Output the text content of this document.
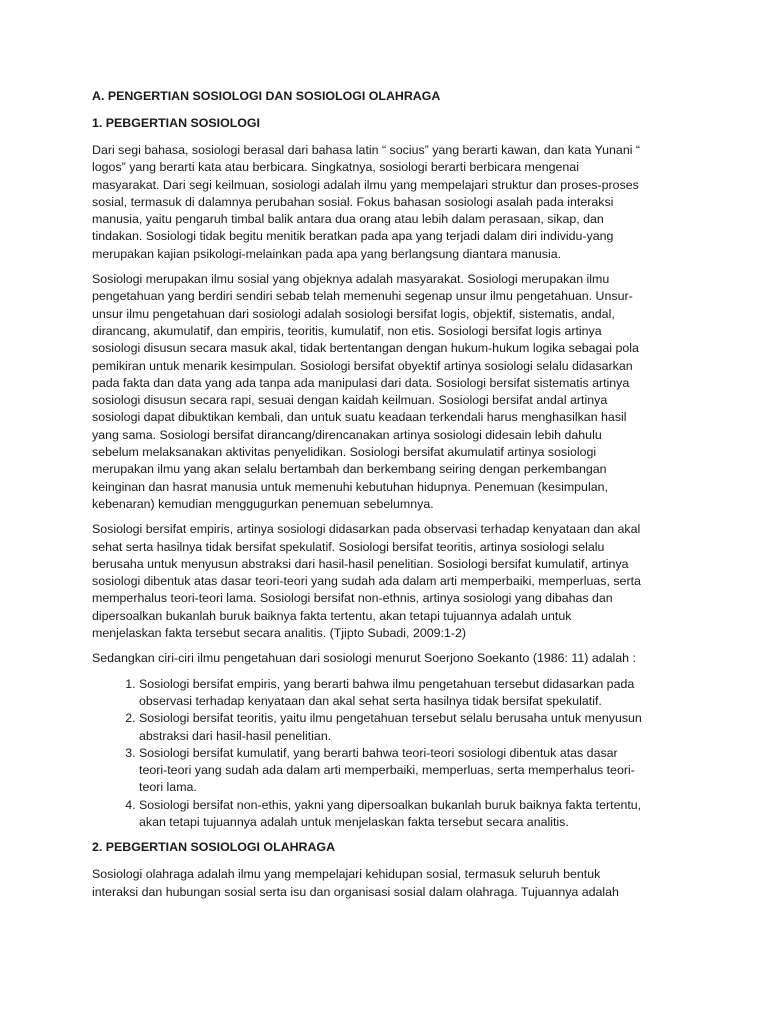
A. PENGERTIAN SOSIOLOGI DAN SOSIOLOGI OLAHRAGA
1. PEBGERTIAN SOSIOLOGI

Dari segi bahasa, sosiologi berasal dari bahasa latin “ socius” yang berarti kawan, dan kata Yunani “
logos” yang berarti kata atau berbicara. Singkatnya, sosiologi berarti berbicara mengenai
masyarakat. Dari segi keilmuan, sosiologi adalah ilmu yang mempelajari struktur dan proses-proses
sosial, termasuk di dalamnya perubahan sosial. Fokus bahasan sosiologi asalah pada interaksi
manusia, yaitu pengaruh timbal balik antara dua orang atau lebih dalam perasaan, sikap, dan
tindakan. Sosiologi tidak begitu menitik beratkan pada apa yang terjadi dalam diri individu-yang
merupakan kajian psikologi-melainkan pada apa yang berlangsung diantara manusia.

Sosiologi merupakan ilmu sosial yang objeknya adalah masyarakat. Sosiologi merupakan ilmu
pengetahuan yang berdiri sendiri sebab telah memenuhi segenap unsur ilmu pengetahuan. Unsur-
unsur ilmu pengetahuan dari sosiologi adalah sosiologi bersifat logis, objektif, sistematis, andal,
dirancang, akumulatif, dan empiris, teoritis, kumulatif, non etis. Sosiologi bersifat logis artinya
sosiologi disusun secara masuk akal, tidak bertentangan dengan hukum-hukum logika sebagai pola
pemikiran untuk menarik kesimpulan. Sosiologi bersifat obyektif artinya sosiologi selalu didasarkan
pada fakta dan data yang ada tanpa ada manipulasi dari data. Sosiologi bersifat sistematis artinya
sosiologi disusun secara rapi, sesuai dengan kaidah keilmuan. Sosiologi bersifat andal artinya
sosiologi dapat dibuktikan kembali, dan untuk suatu keadaan terkendali harus menghasilkan hasil
yang sama. Sosiologi bersifat dirancang/direncanakan artinya sosiologi didesain lebih dahulu
sebelum melaksanakan aktivitas penyelidikan. Sosiologi bersifat akumulatif artinya sosiologi
merupakan ilmu yang akan selalu bertambah dan berkembang seiring dengan perkembangan
keinginan dan hasrat manusia untuk memenuhi kebutuhan hidupnya. Penemuan (kesimpulan,
kebenaran) kemudian menggugurkan penemuan sebelumnya.

Sosiologi bersifat empiris, artinya sosiologi didasarkan pada observasi terhadap kenyataan dan akal
sehat serta hasilnya tidak bersifat spekulatif. Sosiologi bersifat teoritis, artinya sosiologi selalu
berusaha untuk menyusun abstraksi dari hasil-hasil penelitian. Sosiologi bersifat kumulatif, artinya
sosiologi dibentuk atas dasar teori-teori yang sudah ada dalam arti memperbaiki, memperluas, serta
memperhalus teori-teori lama. Sosiologi bersifat non-ethnis, artinya sosiologi yang dibahas dan
dipersoalkan bukanlah buruk baiknya fakta tertentu, akan tetapi tujuannya adalah untuk
menjelaskan fakta tersebut secara analitis. (Tjipto Subadi, 2009:1-2)

Sedangkan ciri-ciri ilmu pengetahuan dari sosiologi menurut Soerjono Soekanto (1986: 11) adalah :

1. Sosiologi bersifat empiris, yang berarti bahwa ilmu pengetahuan tersebut didasarkan pada
observasi terhadap kenyataan dan akal sehat serta hasilnya tidak bersifat spekulatif.
2. Sosiologi bersifat teoritis, yaitu ilmu pengetahuan tersebut selalu berusaha untuk menyusun
abstraksi dari hasil-hasil penelitian.
3. Sosiologi bersifat kumulatif, yang berarti bahwa teori-teori sosiologi dibentuk atas dasar
teori-teori yang sudah ada dalam arti memperbaiki, memperluas, serta memperhalus teori-
teori lama.
4. Sosiologi bersifat non-ethis, yakni yang dipersoalkan bukanlah buruk baiknya fakta tertentu,
akan tetapi tujuannya adalah untuk menjelaskan fakta tersebut secara analitis.
2. PEBGERTIAN SOSIOLOGI OLAHRAGA

Sosiologi olahraga adalah ilmu yang mempelajari kehidupan sosial, termasuk seluruh bentuk
interaksi dan hubungan sosial serta isu dan organisasi sosial dalam olahraga. Tujuannya adalah
